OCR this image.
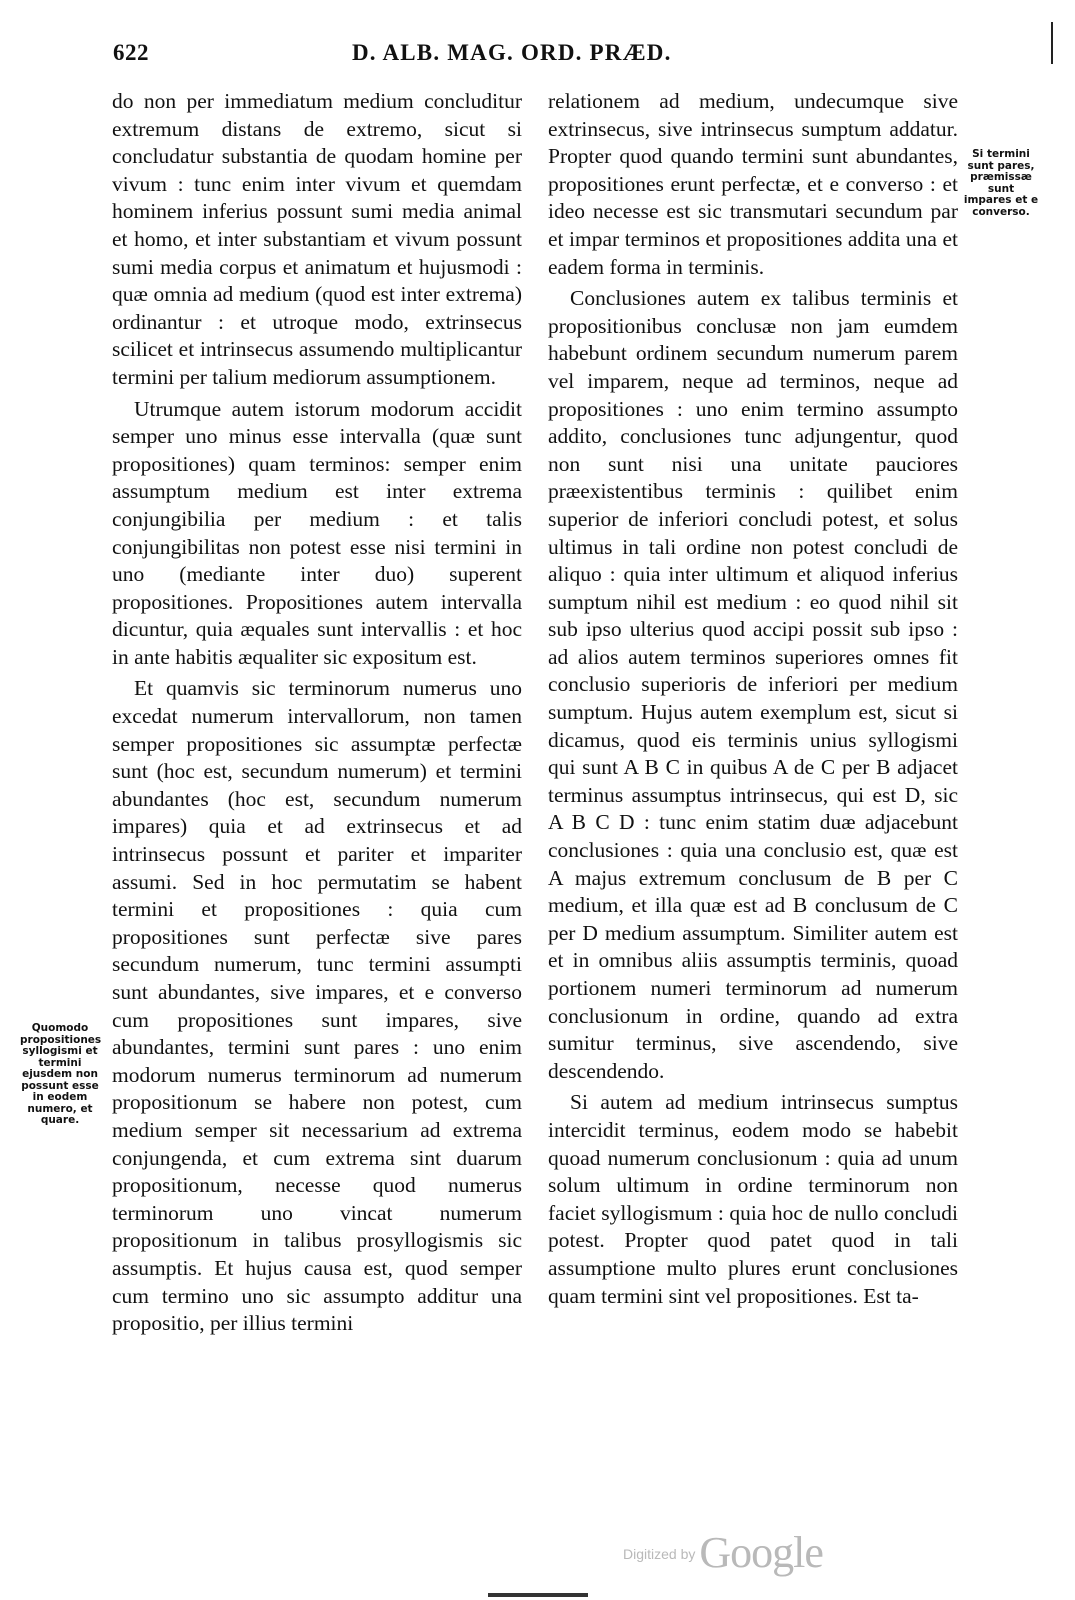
622	D. ALB. MAG. ORD. PRÆD.

do non per immediatum medium concluditur extremum distans de extremo, sicut si concludatur substantia de quodam homine per vivum : tunc enim inter vivum et quemdam hominem inferius possunt sumi media animal et homo, et inter substantiam et vivum possunt sumi media corpus et animatum et hujusmodi : quæ omnia ad medium (quod est inter extrema) ordinantur : et utroque modo, extrinsecus scilicet et intrinsecus assumendo multiplicantur termini per talium mediorum assumptionem.

Utrumque autem istorum modorum accidit semper uno minus esse intervalla (quæ sunt propositiones) quam terminos: semper enim assumptum medium est inter extrema conjungibilia per medium : et talis conjungibilitas non potest esse nisi termini in uno (mediante inter duo) superent propositiones. Propositiones autem intervalla dicuntur, quia æquales sunt intervallis : et hoc in ante habitis æqualiter sic expositum est.

Et quamvis sic terminorum numerus uno excedat numerum intervallorum, non tamen semper propositiones sic assumptæ perfectæ sunt (hoc est, secundum numerum) et termini abundantes (hoc est, secundum numerum impares) quia et ad extrinsecus et ad intrinsecus possunt et pariter et impariter assumi. Sed in hoc permutatim se habent termini et propositiones : quia cum propositiones sunt perfectæ sive pares secundum numerum, tunc termini assumpti sunt abundantes, sive impares, et e converso cum propositiones sunt impares, sive abundantes, termini sunt pares : uno enim modorum numerus terminorum ad numerum propositionum se habere non potest, cum medium semper sit necessarium ad extrema conjungenda, et cum extrema sint duarum propositionum, necesse quod numerus terminorum uno vincat numerum propositionum in talibus prosyllogismis sic assumptis. Et hujus causa est, quod semper cum termino uno sic assumpto additur una propositio, per illius termini

relationem ad medium, undecumque sive extrinsecus, sive intrinsecus sumptum addatur. Propter quod quando termini sunt abundantes, propositiones erunt perfectæ, et e converso : et ideo necesse est sic transmutari secundum par et impar terminos et propositiones addita una et eadem forma in terminis.

Conclusiones autem ex talibus terminis et propositionibus conclusæ non jam eumdem habebunt ordinem secundum numerum parem vel imparem, neque ad terminos, neque ad propositiones : uno enim termino assumpto addito, conclusiones tunc adjungentur, quod non sunt nisi una unitate pauciores præexistentibus terminis : quilibet enim superior de inferiori concludi potest, et solus ultimus in tali ordine non potest concludi de aliquo : quia inter ultimum et aliquod inferius sumptum nihil est medium : eo quod nihil sit sub ipso ulterius quod accipi possit sub ipso : ad alios autem terminos superiores omnes fit conclusio superioris de inferiori per medium sumptum. Hujus autem exemplum est, sicut si dicamus, quod eis terminis unius syllogismi qui sunt A B C in quibus A de C per B adjacet terminus assumptus intrinsecus, qui est D, sic A B C D : tunc enim statim duæ adjacebunt conclusiones : quia una conclusio est, quæ est A majus extremum conclusum de B per C medium, et illa quæ est ad B conclusum de C per D medium assumptum. Similiter autem est et in omnibus aliis assumptis terminis, quoad portionem numeri terminorum ad numerum conclusionum in ordine, quando ad extra sumitur terminus, sive ascendendo, sive descendendo.

Si autem ad medium intrinsecus sumptus intercidit terminus, eodem modo se habebit quoad numerum conclusionum : quia ad unum solum ultimum in ordine terminorum non faciet syllogismum : quia hoc de nullo concludi potest. Propter quod patet quod in tali assumptione multo plures erunt conclusiones quam termini sint vel propositiones. Est ta-

Quomodo propositiones syllogismi et termini ejusdem non possunt esse in eodem numero, et quare.
Si termini sunt pares, præmissæ sunt impares et e converso.
Digitized byGoogle
